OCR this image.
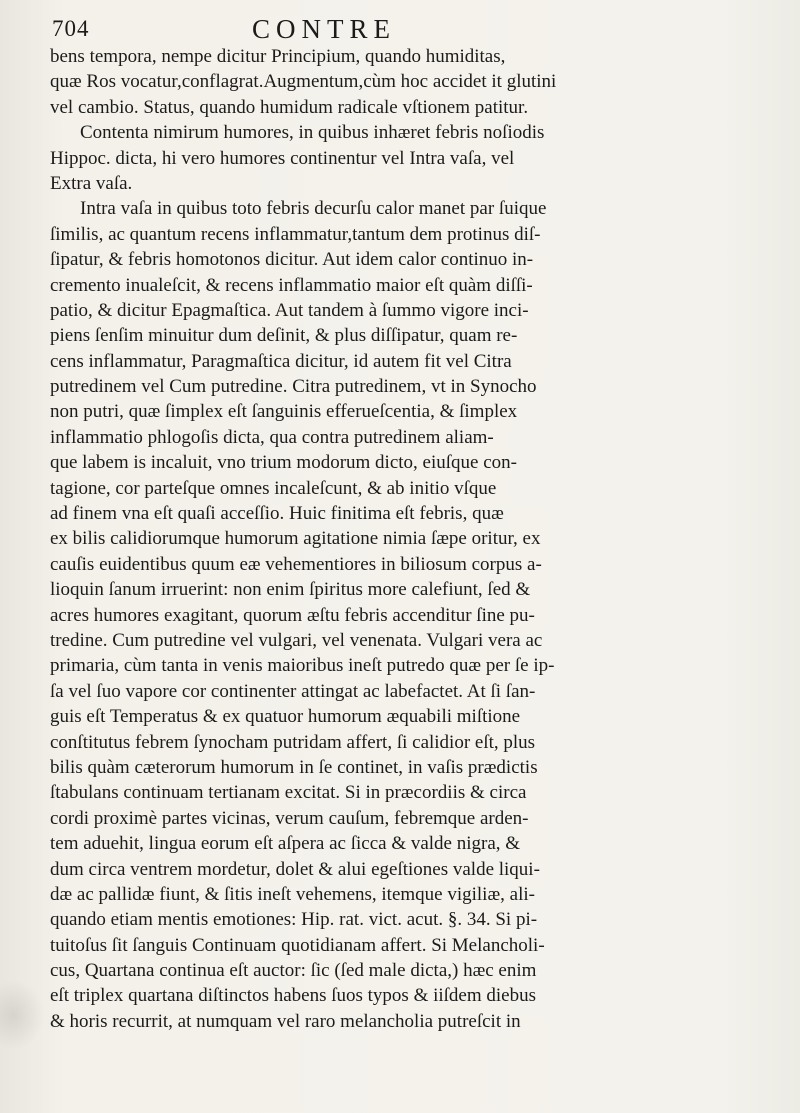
704	CONTRE
bens tempora, nempe dicitur Principium, quando humiditas,
quæ Ros vocatur,conflagrat.Augmentum,cùm hoc accidet it glutini
vel cambio. Status, quando humidum radicale vſtionem patitur.
Contenta nimirum humores, in quibus inhæret febris noſiodis
Hippoc. dicta, hi vero humores continentur vel Intra vaſa, vel
Extra vaſa.
Intra vaſa in quibus toto febris decurſu calor manet par ſuique
ſimilis, ac quantum recens inflammatur,tantum dem protinus diſ-
ſipatur, & febris homotonos dicitur. Aut idem calor continuo in-
cremento inualeſcit, & recens inflammatio maior eſt quàm diſſi-
patio, & dicitur Epagmaſtica. Aut tandem à ſummo vigore inci-
piens ſenſim minuitur dum deſinit, & plus diſſipatur, quam re-
cens inflammatur, Paragmaſtica dicitur, id autem fit vel Citra
putredinem vel Cum putredine. Citra putredinem, vt in Synocho
non putri, quæ ſimplex eſt ſanguinis efferueſcentia, & ſimplex
inflammatio phlogoſis dicta, qua contra putredinem aliam-
que labem is incaluit, vno trium modorum dicto, eiuſque con-
tagione, cor parteſque omnes incaleſcunt, & ab initio vſque
ad finem vna eſt quaſi acceſſio. Huic finitima eſt febris, quæ
ex bilis calidiorumque humorum agitatione nimia ſæpe oritur, ex
cauſis euidentibus quum eæ vehementiores in biliosum corpus a-
lioquin ſanum irruerint: non enim ſpiritus more calefiunt, ſed &
acres humores exagitant, quorum æſtu febris accenditur ſine pu-
tredine. Cum putredine vel vulgari, vel venenata. Vulgari vera ac
primaria, cùm tanta in venis maioribus ineſt putredo quæ per ſe ip-
ſa vel ſuo vapore cor continenter attingat ac labefactet. At ſi ſan-
guis eſt Temperatus & ex quatuor humorum æquabili miſtione
conſtitutus febrem ſynocham putridam affert, ſi calidior eſt, plus
bilis quàm cæterorum humorum in ſe continet, in vaſis prædictis
ſtabulans continuam tertianam excitat. Si in præcordiis & circa
cordi proximè partes vicinas, verum cauſum, febremque arden-
tem aduehit, lingua eorum eſt aſpera ac ſicca & valde nigra, &
dum circa ventrem mordetur, dolet & alui egeſtiones valde liqui-
dæ ac pallidæ fiunt, & ſitis ineſt vehemens, itemque vigiliæ, ali-
quando etiam mentis emotiones: Hip. rat. vict. acut. §. 34. Si pi-
tuitoſus ſit ſanguis Continuam quotidianam affert. Si Melancholi-
cus, Quartana continua eſt auctor: ſic (ſed male dicta,) hæc enim
eſt triplex quartana diſtinctos habens ſuos typos & iiſdem diebus
& horis recurrit, at numquam vel raro melancholia putreſcit in
